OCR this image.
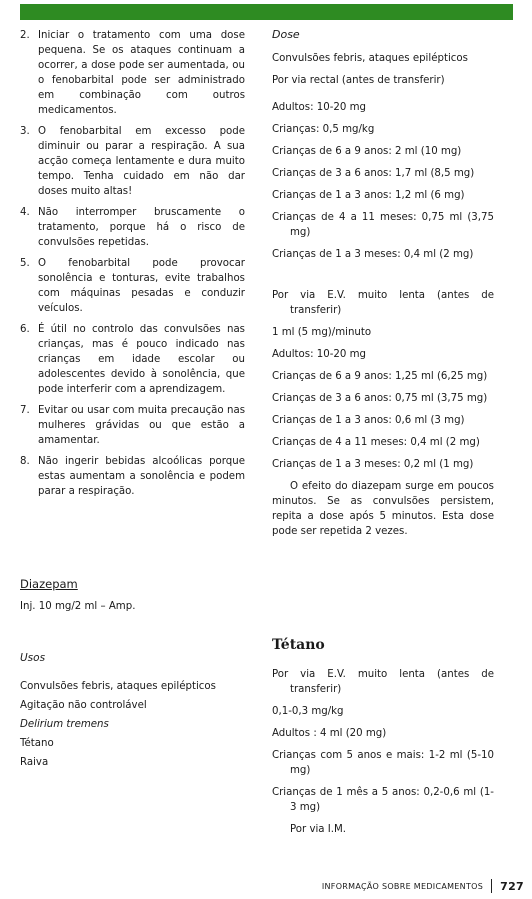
2. Iniciar o tratamento com uma dose pequena. Se os ataques continuam a ocorrer, a dose pode ser aumentada, ou o fenobarbital pode ser administrado em combinação com outros medicamentos.
3. O fenobarbital em excesso pode diminuir ou parar a respiração. A sua acção começa lentamente e dura muito tempo. Tenha cuidado em não dar doses muito altas!
4. Não interromper bruscamente o tratamento, porque há o risco de convulsões repetidas.
5. O fenobarbital pode provocar sonolência e tonturas, evite trabalhos com máquinas pesadas e conduzir veículos.
6. É útil no controlo das convulsões nas crianças, mas é pouco indicado nas crianças em idade escolar ou adolescentes devido à sonolência, que pode interferir com a aprendizagem.
7. Evitar ou usar com muita precaução nas mulheres grávidas ou que estão a amamentar.
8. Não ingerir bebidas alcoólicas porque estas aumentam a sonolência e podem parar a respiração.
Diazepam
Inj. 10 mg/2 ml – Amp.
Usos
Convulsões febris, ataques epilépticos
Agitação não controlável
Delirium tremens
Tétano
Raiva
Dose

Convulsões febris, ataques epilépticos

Por via rectal (antes de transferir)

Adultos: 10-20 mg

Crianças: 0,5 mg/kg

Crianças de 6 a 9 anos: 2 ml (10 mg)

Crianças de 3 a 6 anos: 1,7 ml (8,5 mg)

Crianças de 1 a 3 anos: 1,2 ml (6 mg)

Crianças de 4 a 11 meses: 0,75 ml (3,75 mg)

Crianças de 1 a 3 meses: 0,4 ml (2 mg)

Por via E.V. muito lenta (antes de transferir)

1 ml (5 mg)/minuto

Adultos: 10-20 mg

Crianças de 6 a 9 anos: 1,25 ml (6,25 mg)

Crianças de 3 a 6 anos: 0,75 ml (3,75 mg)

Crianças de 1 a 3 anos: 0,6 ml (3 mg)

Crianças de 4 a 11 meses: 0,4 ml (2 mg)

Crianças de 1 a 3 meses: 0,2 ml (1 mg)

O efeito do diazepam surge em poucos minutos. Se as convulsões persistem, repita a dose após 5 minutos. Esta dose pode ser repetida 2 vezes.

Tétano

Por via E.V. muito lenta (antes de transferir)

0,1-0,3 mg/kg

Adultos : 4 ml (20 mg)

Crianças com 5 anos e mais: 1-2 ml (5-10 mg)

Crianças de 1 mês a 5 anos: 0,2-0,6 ml (1-3 mg)

Por via I.M.

INFORMAÇÃO SOBRE MEDICAMENTOS 727
